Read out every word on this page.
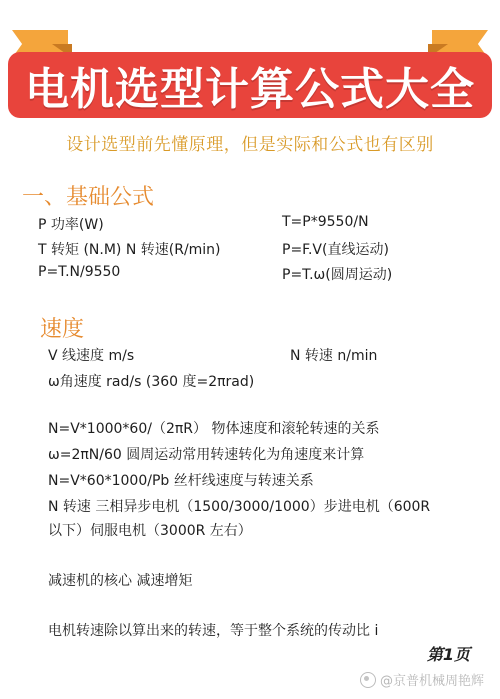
电机选型计算公式大全
设计选型前先懂原理，但是实际和公式也有区别
一、基础公式
P 功率(W)	T=P*9550/N
T 转矩 (N.M) N 转速(R/min)	P=F.V(直线运动)
P=T.N/9550	P=T.ω(圆周运动)
速度
V 线速度 m/s	N 转速 n/min
ω角速度 rad/s (360 度=2πrad)
N=V*1000*60/（2πR） 物体速度和滚轮转速的关系
ω=2πN/60 圆周运动常用转速转化为角速度来计算
N=V*60*1000/Pb 丝杆线速度与转速关系
N 转速 三相异步电机（1500/3000/1000）步进电机（600R
以下）伺服电机（3000R 左右）
减速机的核心 减速增矩
电机转速除以算出来的转速，等于整个系统的传动比 i
第1页
@京普机械周艳辉
